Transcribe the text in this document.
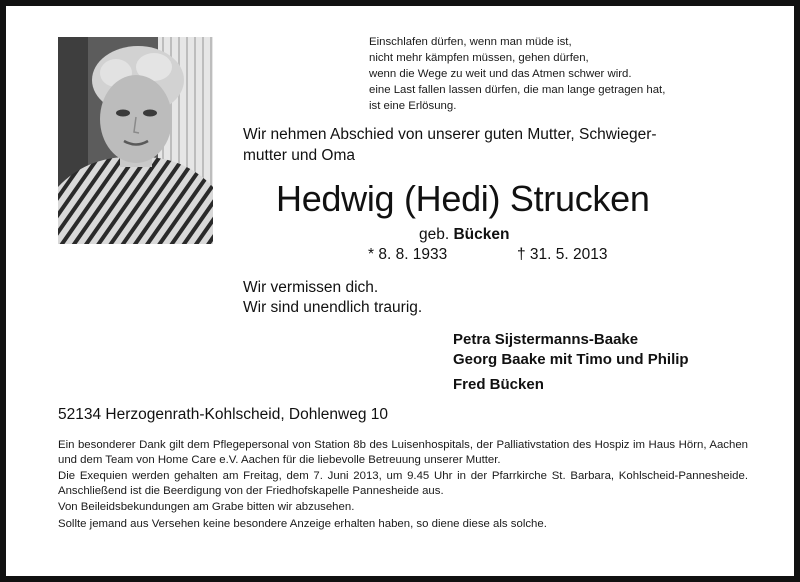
Einschlafen dürfen, wenn man müde ist,
nicht mehr kämpfen müssen, gehen dürfen,
wenn die Wege zu weit und das Atmen schwer wird.
eine Last fallen lassen dürfen, die man lange getragen hat,
ist eine Erlösung.
Wir nehmen Abschied von unserer guten Mutter, Schwieger-
mutter und Oma
Hedwig (Hedi) Strucken
geb. Bücken
* 8. 8. 1933	† 31. 5. 2013
Wir vermissen dich.
Wir sind unendlich traurig.
Petra Sijstermanns-Baake
Georg Baake mit Timo und Philip
Fred Bücken
52134 Herzogenrath-Kohlscheid, Dohlenweg 10

Ein besonderer Dank gilt dem Pflegepersonal von Station 8b des Luisenhospitals, der Palliativstation des Hospiz im Haus Hörn, Aachen und dem Team von Home Care e.V. Aachen für die liebevolle Betreuung unserer Mutter.

Die Exequien werden gehalten am Freitag, dem 7. Juni 2013, um 9.45 Uhr in der Pfarrkirche St. Barbara, Kohlscheid-Pannesheide. Anschließend ist die Beerdigung von der Friedhofskapelle Pannesheide aus.

Von Beileidsbekundungen am Grabe bitten wir abzusehen.

Sollte jemand aus Versehen keine besondere Anzeige erhalten haben, so diene diese als solche.
